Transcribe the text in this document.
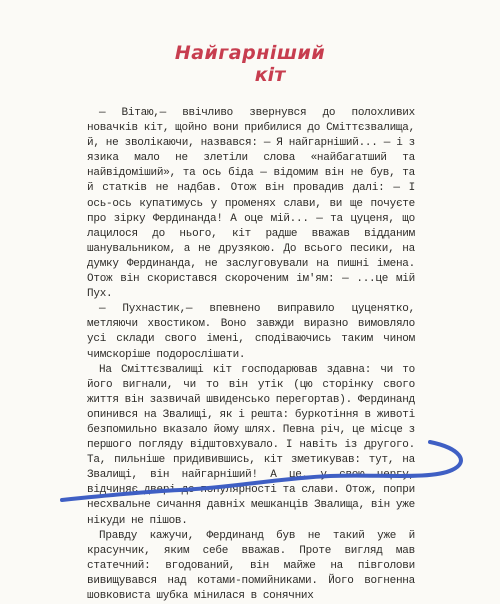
Найгарніший
кіт

— Вітаю,— ввічливо звернувся до полохливих новачків кіт, щойно вони прибилися до Сміттєзвалища, й, не зволікаючи, назвався: — Я найгарніший... — і з язика мало не злетіли слова «найбагатший та найвідоміший», та ось біда — відомим він не був, та й статків не надбав. Отож він провадив далі: — І ось-ось купатимусь у променях слави, ви ще почуєте про зірку Фердинанда! А оце мій... — та цуценя, що лацилося до нього, кіт радше вважав відданим шанувальником, а не друзякою. До всього песики, на думку Фердинанда, не заслуговували на пишні імена. Отож він скористався скороченим ім'ям: — ...це мій Пух.

— Пухнастик,— впевнено виправило цуценятко, метляючи хвостиком. Воно завжди виразно вимовляло усі склади свого імені, сподіваючись таким чином чимскоріше подорослішати.

На Сміттєзвалищі кіт господарював здавна: чи то його вигнали, чи то він утік (цю сторінку свого життя він зазвичай швиденсько перегортав). Фердинанд опинився на Звалищі, як і решта: буркотіння в животі безпомильно вказало йому шлях. Певна річ, це місце з першого погляду відштовхувало. І навіть із другого. Та, пильніше придивившись, кіт зметикував: тут, на Звалищі, він найгарніший! А це, у свою чергу, відчиняє двері до популярності та слави. Отож, попри несхвальне сичання давніх мешканців Звалища, він уже нікуди не пішов.

Правду кажучи, Фердинанд був не такий уже й красунчик, яким себе вважав. Проте вигляд мав статечний: вгодований, він майже на півголови вивищувався над котами-помийниками. Його вогненна шовковиста шубка мінилася в сонячних
